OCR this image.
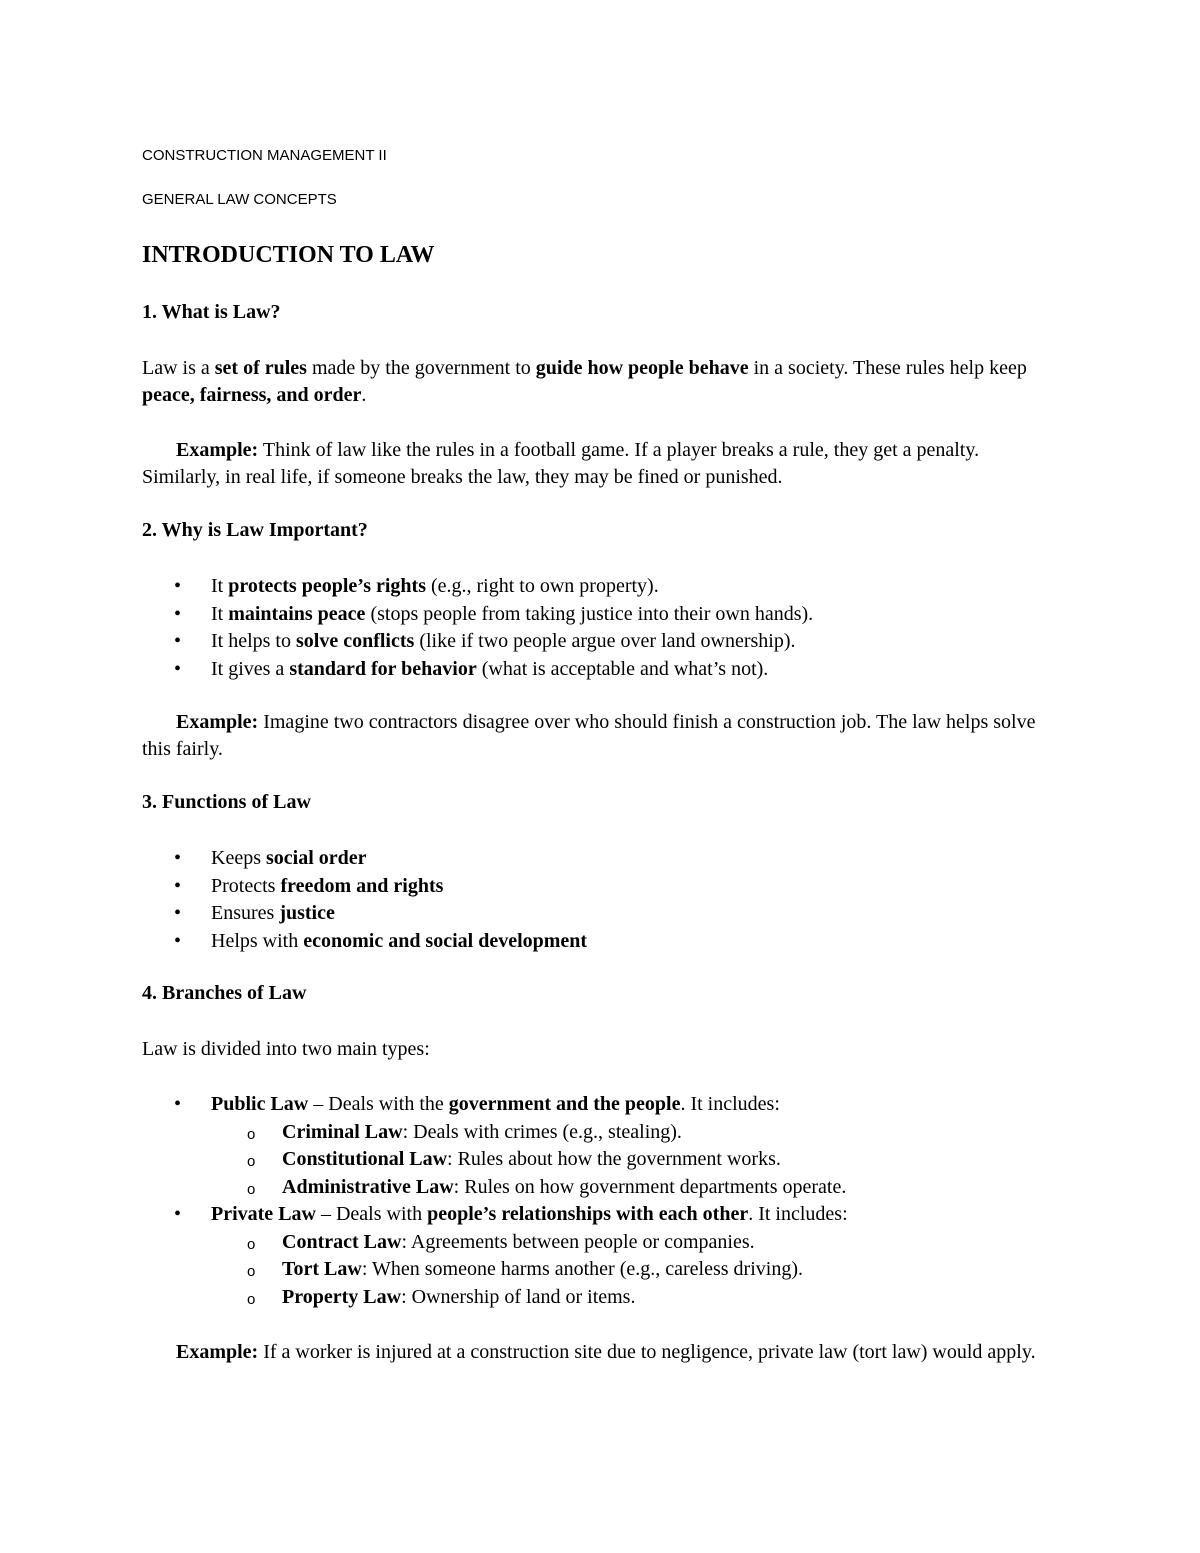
CONSTRUCTION MANAGEMENT II
GENERAL LAW CONCEPTS
INTRODUCTION TO LAW
1. What is Law?
Law is a set of rules made by the government to guide how people behave in a society. These rules help keep peace, fairness, and order.
Example: Think of law like the rules in a football game. If a player breaks a rule, they get a penalty. Similarly, in real life, if someone breaks the law, they may be fined or punished.
2. Why is Law Important?
• It protects people’s rights (e.g., right to own property).
• It maintains peace (stops people from taking justice into their own hands).
• It helps to solve conflicts (like if two people argue over land ownership).
• It gives a standard for behavior (what is acceptable and what’s not).
Example: Imagine two contractors disagree over who should finish a construction job. The law helps solve this fairly.
3. Functions of Law
• Keeps social order
• Protects freedom and rights
• Ensures justice
• Helps with economic and social development
4. Branches of Law
Law is divided into two main types:
• Public Law – Deals with the government and the people. It includes:
o Criminal Law: Deals with crimes (e.g., stealing).
o Constitutional Law: Rules about how the government works.
o Administrative Law: Rules on how government departments operate.
• Private Law – Deals with people’s relationships with each other. It includes:
o Contract Law: Agreements between people or companies.
o Tort Law: When someone harms another (e.g., careless driving).
o Property Law: Ownership of land or items.
Example: If a worker is injured at a construction site due to negligence, private law (tort law) would apply.
